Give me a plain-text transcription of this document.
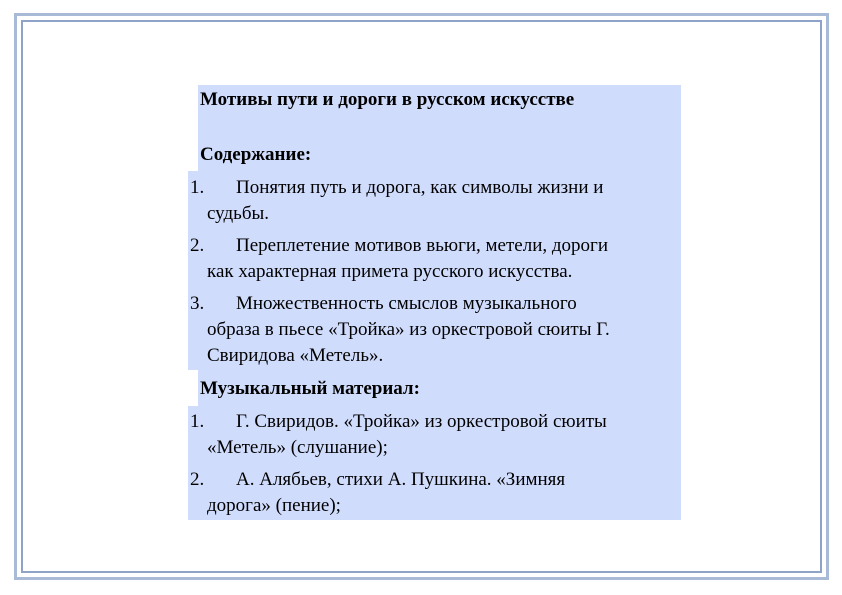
Мотивы пути и дороги в русском искусстве
Содержание:
1. Понятия путь и дорога, как символы жизни и
судьбы.
2. Переплетение мотивов вьюги, метели, дороги
как характерная примета русского искусства.
3. Множественность смыслов музыкального
образа в пьесе «Тройка» из оркестровой сюиты Г.
Свиридова «Метель».
Музыкальный материал:
1. Г. Свиридов. «Тройка» из оркестровой сюиты
«Метель» (слушание);
2. А. Алябьев, стихи А. Пушкина. «Зимняя
дорога» (пение);
